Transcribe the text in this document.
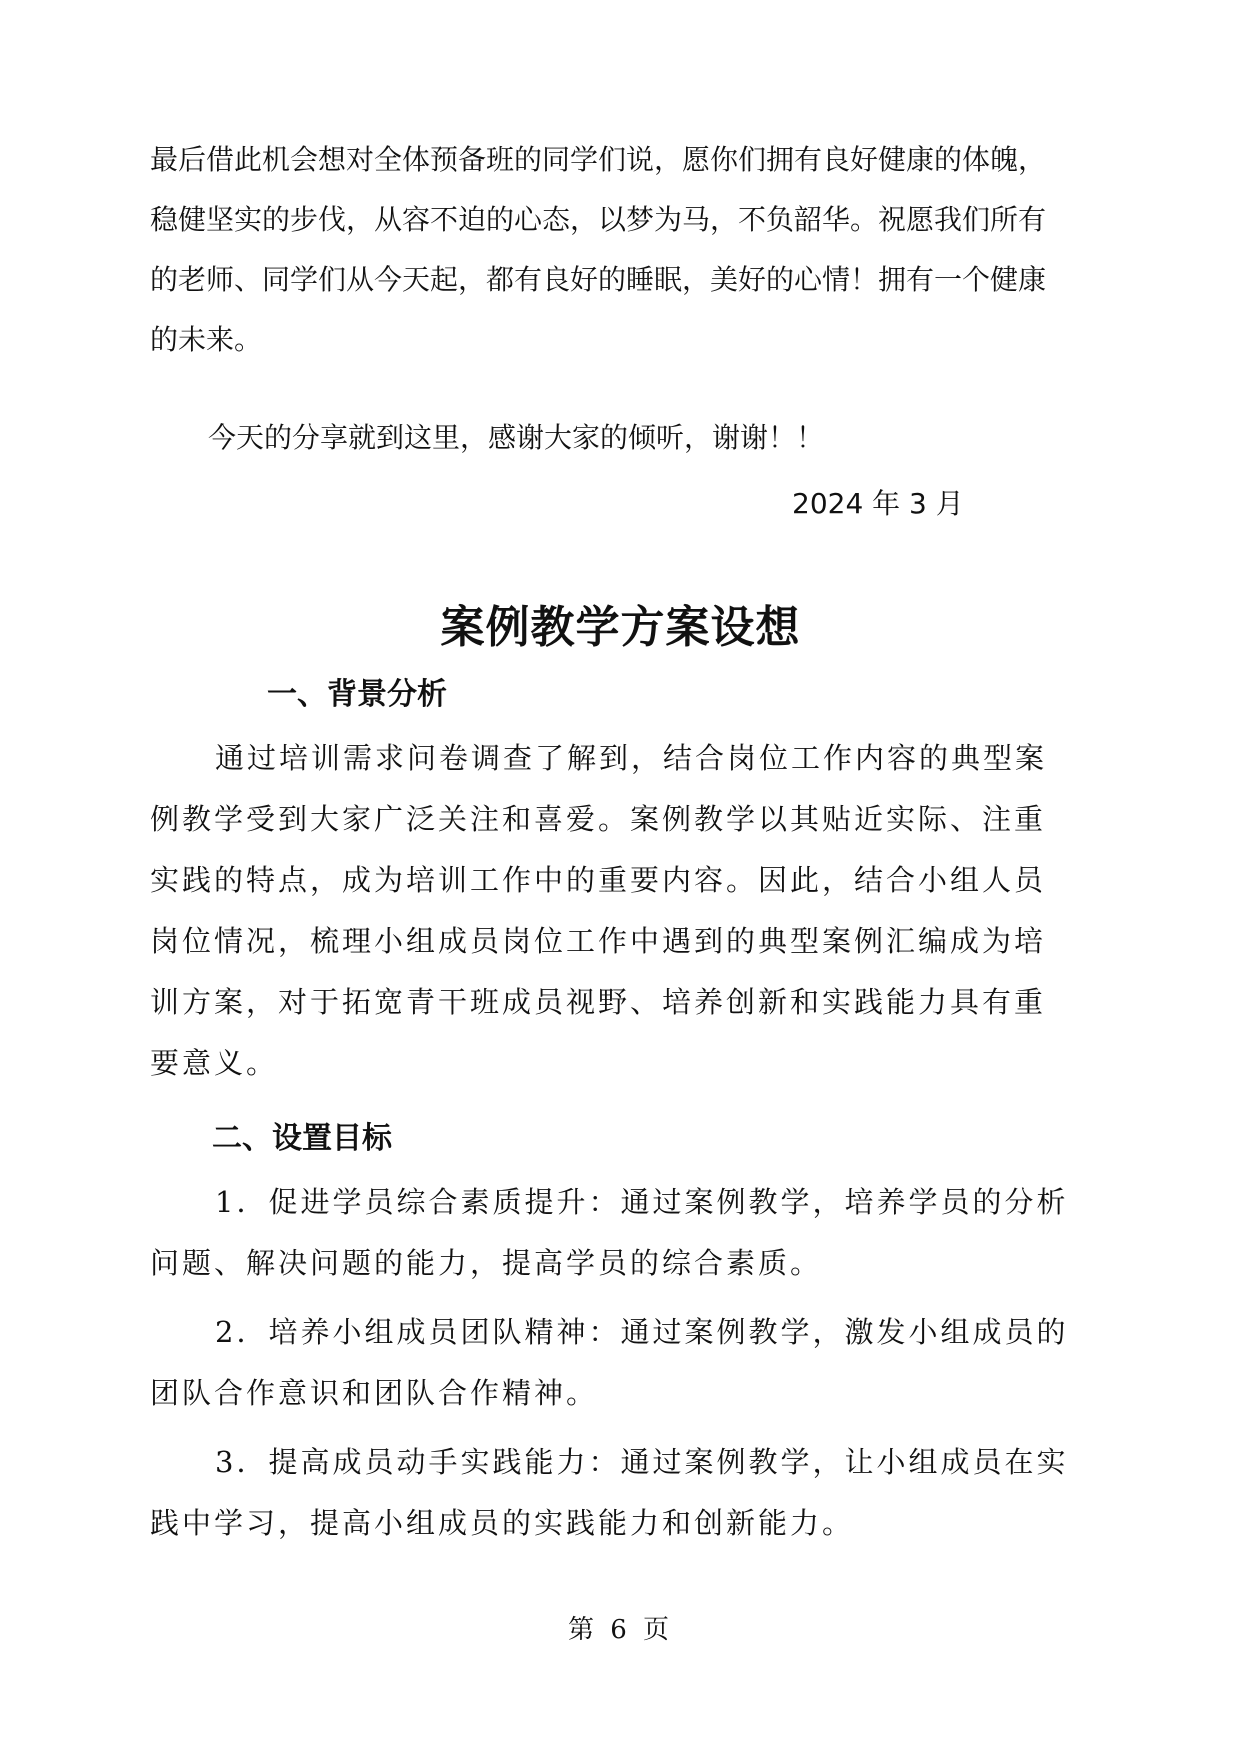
最后借此机会想对全体预备班的同学们说，愿你们拥有良好健康的体魄，
稳健坚实的步伐，从容不迫的心态，以梦为马，不负韶华。祝愿我们所有
的老师、同学们从今天起，都有良好的睡眠，美好的心情！拥有一个健康
的未来。
今天的分享就到这里，感谢大家的倾听，谢谢！！
2024 年 3 月
案例教学方案设想
一、背景分析
通过培训需求问卷调查了解到，结合岗位工作内容的典型案
例教学受到大家广泛关注和喜爱。案例教学以其贴近实际、注重
实践的特点，成为培训工作中的重要内容。因此，结合小组人员
岗位情况，梳理小组成员岗位工作中遇到的典型案例汇编成为培
训方案，对于拓宽青干班成员视野、培养创新和实践能力具有重
要意义。
二、设置目标
1．促进学员综合素质提升：通过案例教学，培养学员的分析
问题、解决问题的能力，提高学员的综合素质。
2．培养小组成员团队精神：通过案例教学，激发小组成员的
团队合作意识和团队合作精神。
3．提高成员动手实践能力：通过案例教学，让小组成员在实
践中学习，提高小组成员的实践能力和创新能力。
第 6 页
